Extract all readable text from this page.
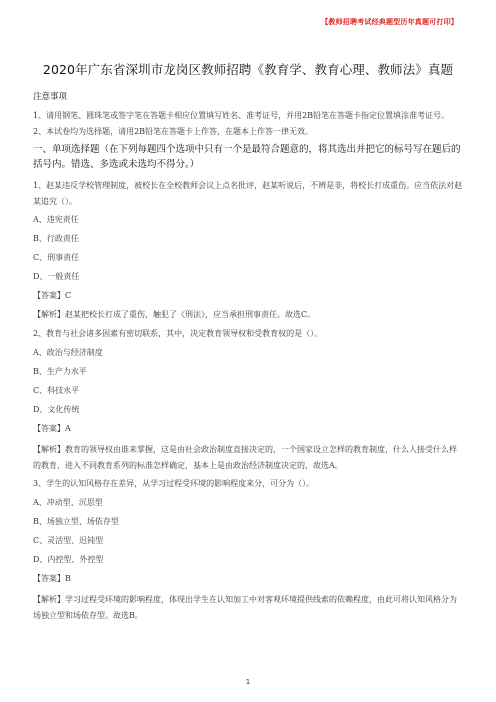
【教师招聘考试经典题型历年真题可打印】
2020年广东省深圳市龙岗区教师招聘《教育学、教育心理、教师法》真题
注意事项
1、请用钢笔、圆珠笔或签字笔在答题卡相应位置填写姓名、准考证号，并用2B铅笔在答题卡指定位置填涂准考证号。
2、本试卷均为选择题，请用2B铅笔在答题卡上作答，在题本上作答一律无效。
一、单项选择题（在下列每题四个选项中只有一个是最符合题意的，将其选出并把它的标号写在题后的括号内。错选、多选或未选均不得分。）
1、赵某违反学校管理制度，被校长在全校教师会议上点名批评，赵某听说后，不辨是非，将校长打成重伤。应当依法对赵某追究（）。
A、违宪责任
B、行政责任
C、刑事责任
D、一般责任
【答案】C
【解析】赵某把校长打成了重伤，触犯了《刑法》，应当承担刑事责任。故选C。
2、教育与社会诸多因素有密切联系，其中，决定教育领导权和受教育权的是（）。
A、政治与经济制度
B、生产力水平
C、科技水平
D、文化传统
【答案】A
【解析】教育的领导权由谁来掌握，这是由社会政治制度直接决定的，一个国家设立怎样的教育制度，什么人接受什么样的教育，进入不同教育系列的标准怎样确定，基本上是由政治经济制度决定的，故选A。
3、学生的认知风格存在差异，从学习过程受环境的影响程度来分，可分为（）。
A、冲动型、沉思型
B、场独立型、场依存型
C、灵活型、迟钝型
D、内控型、外控型
【答案】B
【解析】学习过程受环境的影响程度，体现出学生在认知加工中对客观环境提供线索的依赖程度，由此可将认知风格分为场独立型和场依存型。故选B。
1
